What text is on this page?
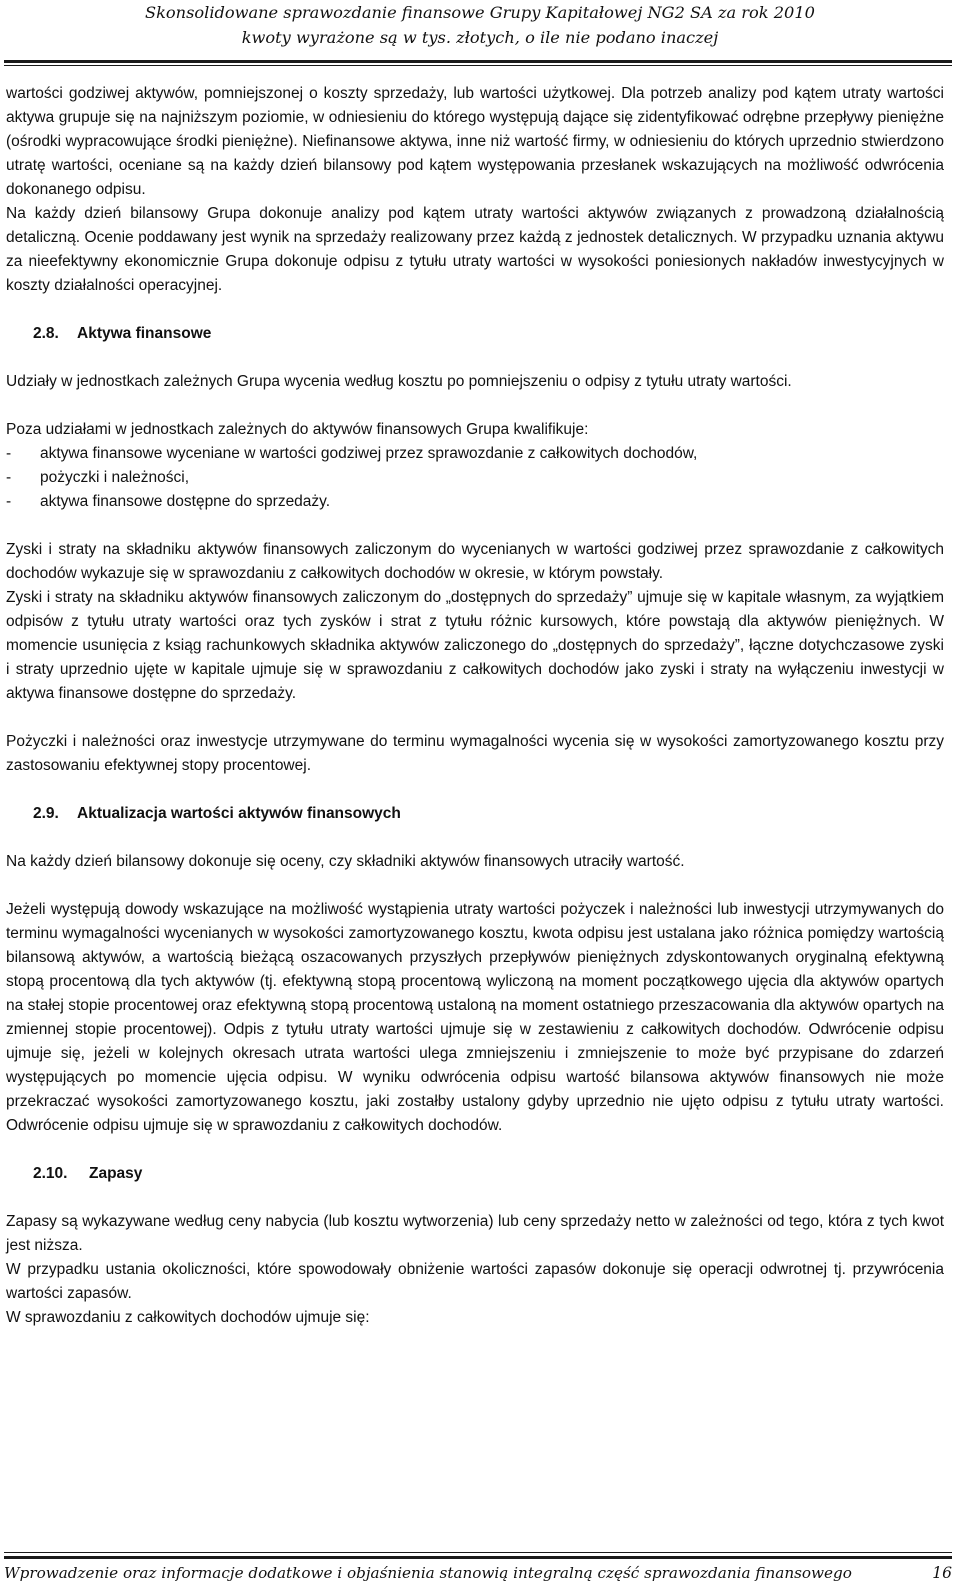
Skonsolidowane sprawozdanie finansowe Grupy Kapitałowej NG2 SA za rok 2010
kwoty wyrażone są w tys. złotych, o ile nie podano inaczej

wartości godziwej aktywów, pomniejszonej o koszty sprzedaży, lub wartości użytkowej. Dla potrzeb analizy pod kątem utraty wartości aktywa grupuje się na najniższym poziomie, w odniesieniu do którego występują dające się zidentyfikować odrębne przepływy pieniężne (ośrodki wypracowujące środki pieniężne). Niefinansowe aktywa, inne niż wartość firmy, w odniesieniu do których uprzednio stwierdzono utratę wartości, oceniane są na każdy dzień bilansowy pod kątem występowania przesłanek wskazujących na możliwość odwrócenia dokonanego odpisu.

Na każdy dzień bilansowy Grupa dokonuje analizy pod kątem utraty wartości aktywów związanych z prowadzoną działalnością detaliczną. Ocenie poddawany jest wynik na sprzedaży realizowany przez każdą z jednostek detalicznych. W przypadku uznania aktywu za nieefektywny ekonomicznie Grupa dokonuje odpisu z tytułu utraty wartości w wysokości poniesionych nakładów inwestycyjnych w koszty działalności operacyjnej.

2.8.	Aktywa finansowe

Udziały w jednostkach zależnych Grupa wycenia według kosztu po pomniejszeniu o odpisy z tytułu utraty wartości.

Poza udziałami w jednostkach zależnych do aktywów finansowych Grupa kwalifikuje:

-	aktywa finansowe wyceniane w wartości godziwej przez sprawozdanie z całkowitych dochodów,
-	pożyczki i należności,
-	aktywa finansowe dostępne do sprzedaży.

Zyski i straty na składniku aktywów finansowych zaliczonym do wycenianych w wartości godziwej przez sprawozdanie z całkowitych dochodów wykazuje się w sprawozdaniu z całkowitych dochodów w okresie, w którym powstały.

Zyski i straty na składniku aktywów finansowych zaliczonym do „dostępnych do sprzedaży” ujmuje się w kapitale własnym, za wyjątkiem odpisów z tytułu utraty wartości oraz tych zysków i strat z tytułu różnic kursowych, które powstają dla aktywów pieniężnych. W momencie usunięcia z ksiąg rachunkowych składnika aktywów zaliczonego do „dostępnych do sprzedaży”, łączne dotychczasowe zyski i straty uprzednio ujęte w kapitale ujmuje się w sprawozdaniu z całkowitych dochodów jako zyski i straty na wyłączeniu inwestycji w aktywa finansowe dostępne do sprzedaży.

Pożyczki i należności oraz inwestycje utrzymywane do terminu wymagalności wycenia się w wysokości zamortyzowanego kosztu przy zastosowaniu efektywnej stopy procentowej.

2.9.	Aktualizacja wartości aktywów finansowych

Na każdy dzień bilansowy dokonuje się oceny, czy składniki aktywów finansowych utraciły wartość.

Jeżeli występują dowody wskazujące na możliwość wystąpienia utraty wartości pożyczek i należności lub inwestycji utrzymywanych do terminu wymagalności wycenianych w wysokości zamortyzowanego kosztu, kwota odpisu jest ustalana jako różnica pomiędzy wartością bilansową aktywów, a wartością bieżącą oszacowanych przyszłych przepływów pieniężnych zdyskontowanych oryginalną efektywną stopą procentową dla tych aktywów (tj. efektywną stopą procentową wyliczoną na moment początkowego ujęcia dla aktywów opartych na stałej stopie procentowej oraz efektywną stopą procentową ustaloną na moment ostatniego przeszacowania dla aktywów opartych na zmiennej stopie procentowej). Odpis z tytułu utraty wartości ujmuje się w zestawieniu z całkowitych dochodów. Odwrócenie odpisu ujmuje się, jeżeli w kolejnych okresach utrata wartości ulega zmniejszeniu i zmniejszenie to może być przypisane do zdarzeń występujących po momencie ujęcia odpisu. W wyniku odwrócenia odpisu wartość bilansowa aktywów finansowych nie może przekraczać wysokości zamortyzowanego kosztu, jaki zostałby ustalony gdyby uprzednio nie ujęto odpisu z tytułu utraty wartości. Odwrócenie odpisu ujmuje się w sprawozdaniu z całkowitych dochodów.

2.10.	Zapasy

Zapasy są wykazywane według ceny nabycia (lub kosztu wytworzenia) lub ceny sprzedaży netto w zależności od tego, która z tych kwot jest niższa.

W przypadku ustania okoliczności, które spowodowały obniżenie wartości zapasów dokonuje się operacji odwrotnej tj. przywrócenia wartości zapasów.

W sprawozdaniu z całkowitych dochodów ujmuje się:

Wprowadzenie oraz informacje dodatkowe i objaśnienia stanowią integralną część sprawozdania finansowego	16
